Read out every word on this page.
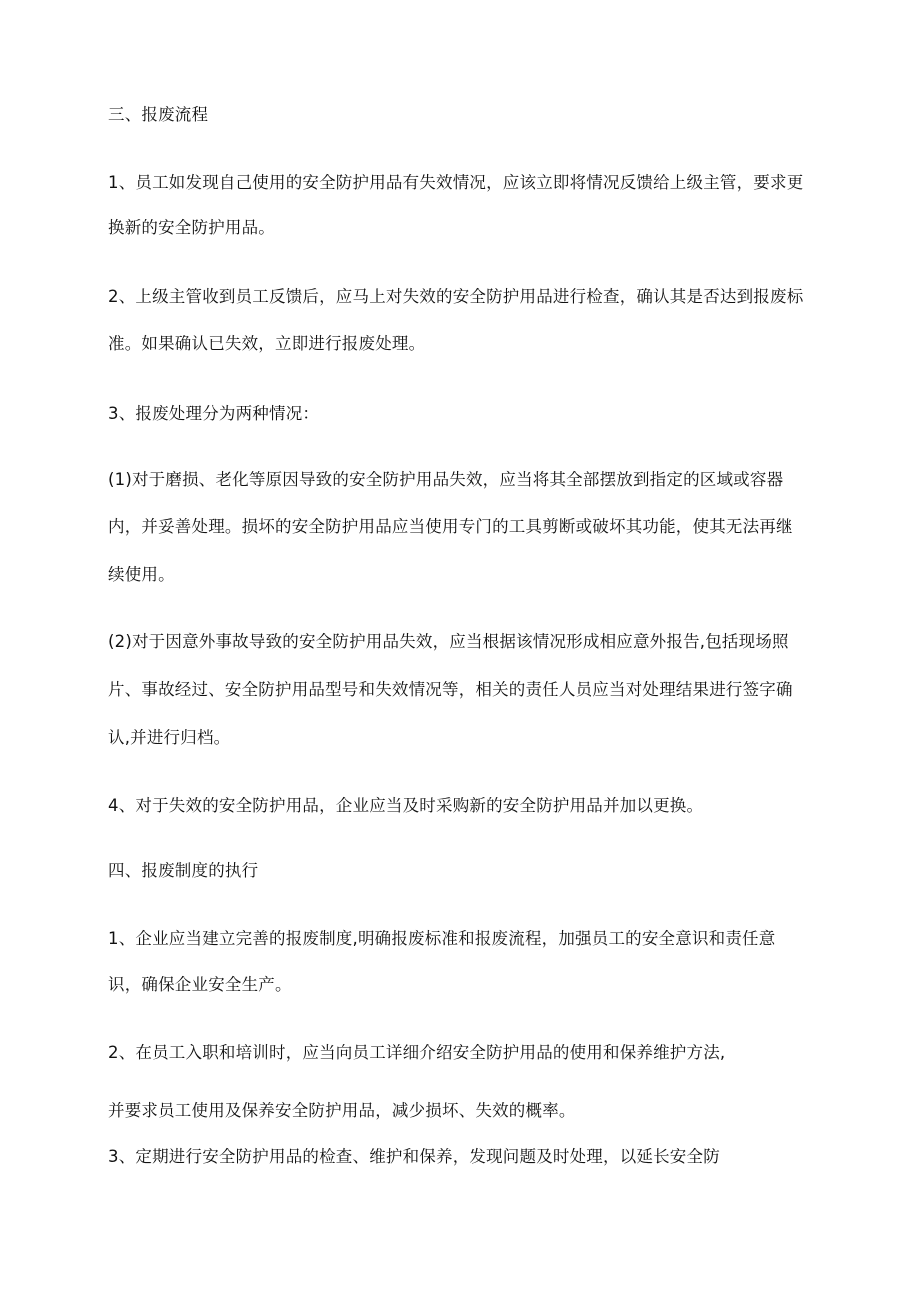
三、报废流程
1、员工如发现自己使用的安全防护用品有失效情况，应该立即将情况反馈给上级主管，要求更
换新的安全防护用品。
2、上级主管收到员工反馈后，应马上对失效的安全防护用品进行检查，确认其是否达到报废标
准。如果确认已失效，立即进行报废处理。
3、报废处理分为两种情况：
(1)对于磨损、老化等原因导致的安全防护用品失效，应当将其全部摆放到指定的区域或容器
内，并妥善处理。损坏的安全防护用品应当使用专门的工具剪断或破坏其功能，使其无法再继
续使用。
(2)对于因意外事故导致的安全防护用品失效，应当根据该情况形成相应意外报告,包括现场照
片、事故经过、安全防护用品型号和失效情况等，相关的责任人员应当对处理结果进行签字确
认,并进行归档。
4、对于失效的安全防护用品，企业应当及时采购新的安全防护用品并加以更换。
四、报废制度的执行
1、企业应当建立完善的报废制度,明确报废标准和报废流程，加强员工的安全意识和责任意
识，确保企业安全生产。
2、在员工入职和培训时，应当向员工详细介绍安全防护用品的使用和保养维护方法,
并要求员工使用及保养安全防护用品，减少损坏、失效的概率。
3、定期进行安全防护用品的检查、维护和保养，发现问题及时处理，以延长安全防
